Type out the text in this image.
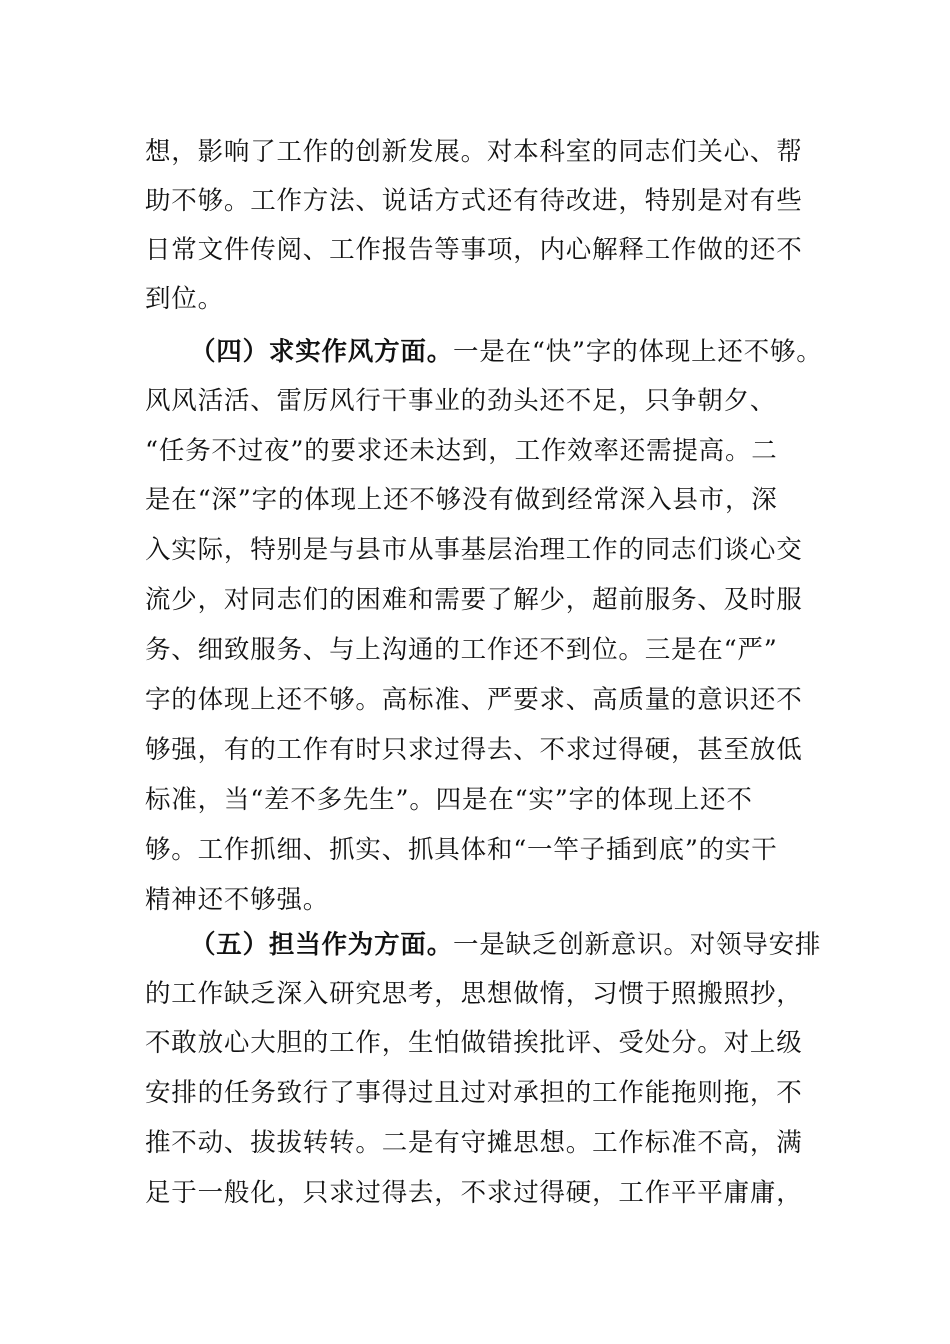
想，影响了工作的创新发展。对本科室的同志们关心、帮
助不够。工作方法、说话方式还有待改进，特别是对有些
日常文件传阅、工作报告等事项，内心解释工作做的还不
到位。
（四）求实作风方面。一是在“快”字的体现上还不够。
风风活活、雷厉风行干事业的劲头还不足，只争朝夕、
“任务不过夜”的要求还未达到，工作效率还需提高。二
是在“深”字的体现上还不够没有做到经常深入县市，深
入实际，特别是与县市从事基层治理工作的同志们谈心交
流少，对同志们的困难和需要了解少，超前服务、及时服
务、细致服务、与上沟通的工作还不到位。三是在“严”
字的体现上还不够。高标准、严要求、高质量的意识还不
够强，有的工作有时只求过得去、不求过得硬，甚至放低
标准，当“差不多先生”。四是在“实”字的体现上还不
够。工作抓细、抓实、抓具体和“一竿子插到底”的实干
精神还不够强。
（五）担当作为方面。一是缺乏创新意识。对领导安排
的工作缺乏深入研究思考，思想做惰，习惯于照搬照抄，
不敢放心大胆的工作，生怕做错挨批评、受处分。对上级
安排的任务致行了事得过且过对承担的工作能拖则拖，不
推不动、拔拔转转。二是有守摊思想。工作标准不高，满
足于一般化，只求过得去，不求过得硬，工作平平庸庸，
